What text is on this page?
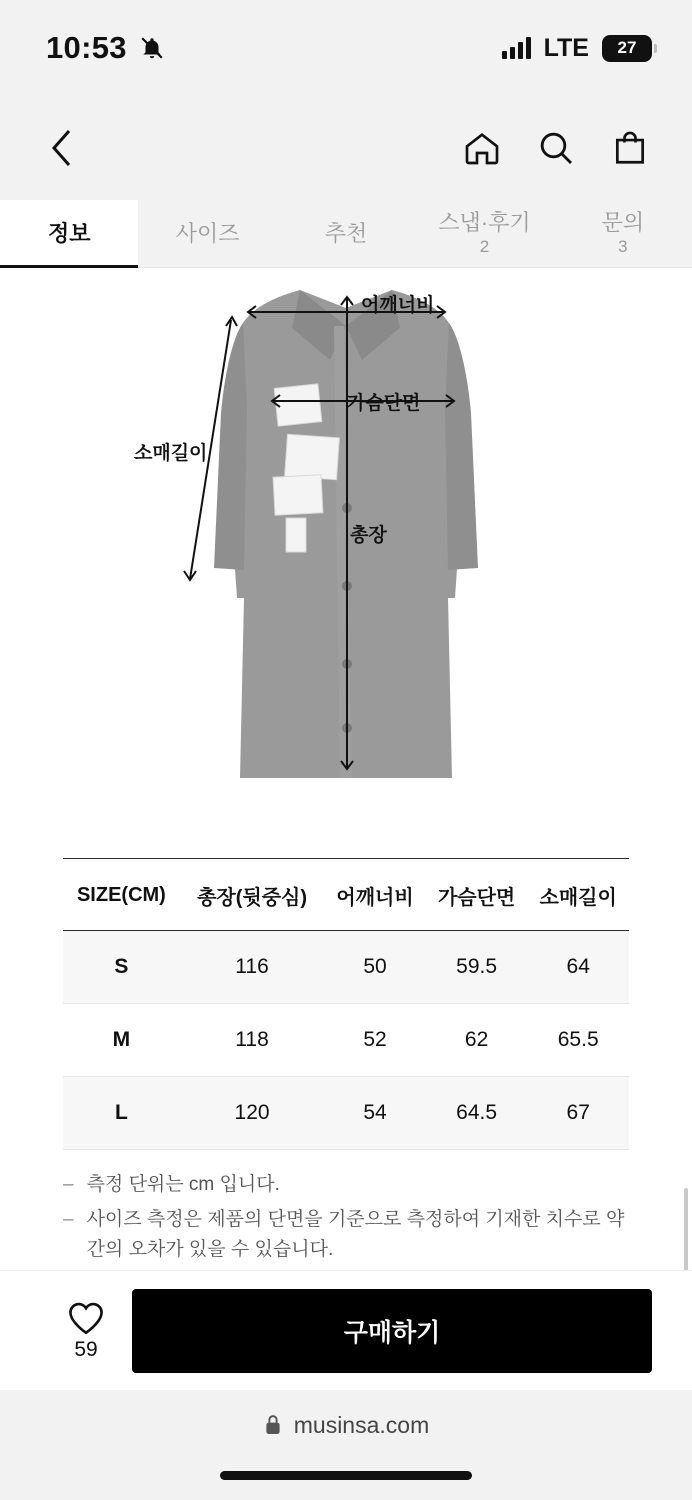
10:53	LTE 27
정보	사이즈	추천	스냅·후기
2
문의
3
어깨너비
가슴단면
총장
소매길이
SIZE(CM)	총장(뒷중심)	어깨너비	가슴단면	소매길이
S	116	50	59.5	64
M	118	52	62	65.5
L	120	54	64.5	67
– 측정 단위는 cm 입니다.
– 사이즈 측정은 제품의 단면을 기준으로 측정하여 기재한 치수로 약간의 오차가 있을 수 있습니다.
59
구매하기
musinsa.com
